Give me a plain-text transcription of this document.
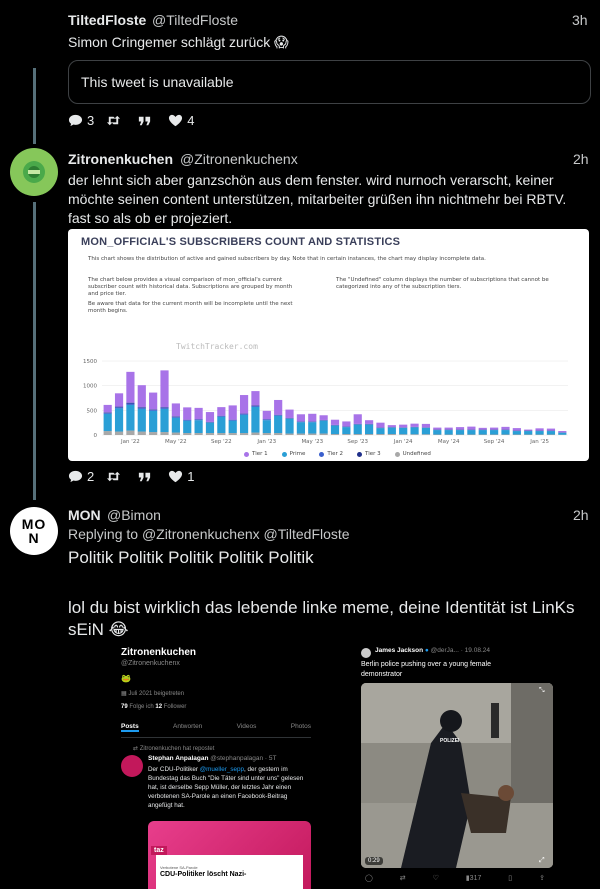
TiltedFloste @TiltedFloste	3h
Simon Cringemer schlägt zurück 😱
This tweet is unavailable
3	4
Zitronenkuchen @Zitronenkuchenx	2h
der lehnt sich aber ganzschön aus dem fenster. wird nurnoch verarscht, keiner möchte seinen content unterstützen, mitarbeiter grüßen ihn nichtmehr bei RBTV. fast so als ob er projeziert.
MON_OFFICIAL'S SUBSCRIBERS COUNT AND STATISTICS
This chart shows the distribution of active and gained subscribers by day. Note that in certain instances, the chart may display incomplete data.
The chart below provides a visual comparison of mon_official's current subscriber count with historical data. Subscriptions are grouped by month and price tier.
Be aware that data for the current month will be incomplete until the next month begins.
The "Undefined" column displays the number of subscriptions that cannot be categorized into any of the subscription tiers.
TwitchTracker.com
0
500
1000
1500
Jan '22	May '22	Sep '22	Jan '23	May '23	Sep '23	Jan '24	May '24	Sep '24	Jan '25
Tier 1	Prime	Tier 2	Tier 3	Undefined
2	1
MO
N
MON @Bimon	2h
Replying to @Zitronenkuchenx @TiltedFloste
Politik Politik Politik Politik Politik
lol du bist wirklich das lebende linke meme, deine Identität ist LinKs sEiN 😂
Zitronenkuchen
@Zitronenkuchenx
🐸
▦ Juli 2021 beigetreten
79 Folge ich 12 Follower
Posts	Antworten	Videos	Photos
⇄ Zitronenkuchen hat repostet
Stephan Anpalagan @stephanpalagan · 5T
Der CDU-Politiker @mueller_sepp, der gestern im Bundestag das Buch "Die Täter sind unter uns" gelesen hat, ist derselbe Sepp Müller, der letztes Jahr einen verbotenen SA-Parole an einen Facebook-Beitrag angefügt hat.
taz
Verbotene SA-Parole
CDU-Politiker löscht Nazi-
James Jackson ● @derJa... · 19.08.24
Berlin police pushing over a young female demonstrator
POLIZEI
0:29	⤢
⤡
◯	⇄	♡	▮317	▯	⇪
